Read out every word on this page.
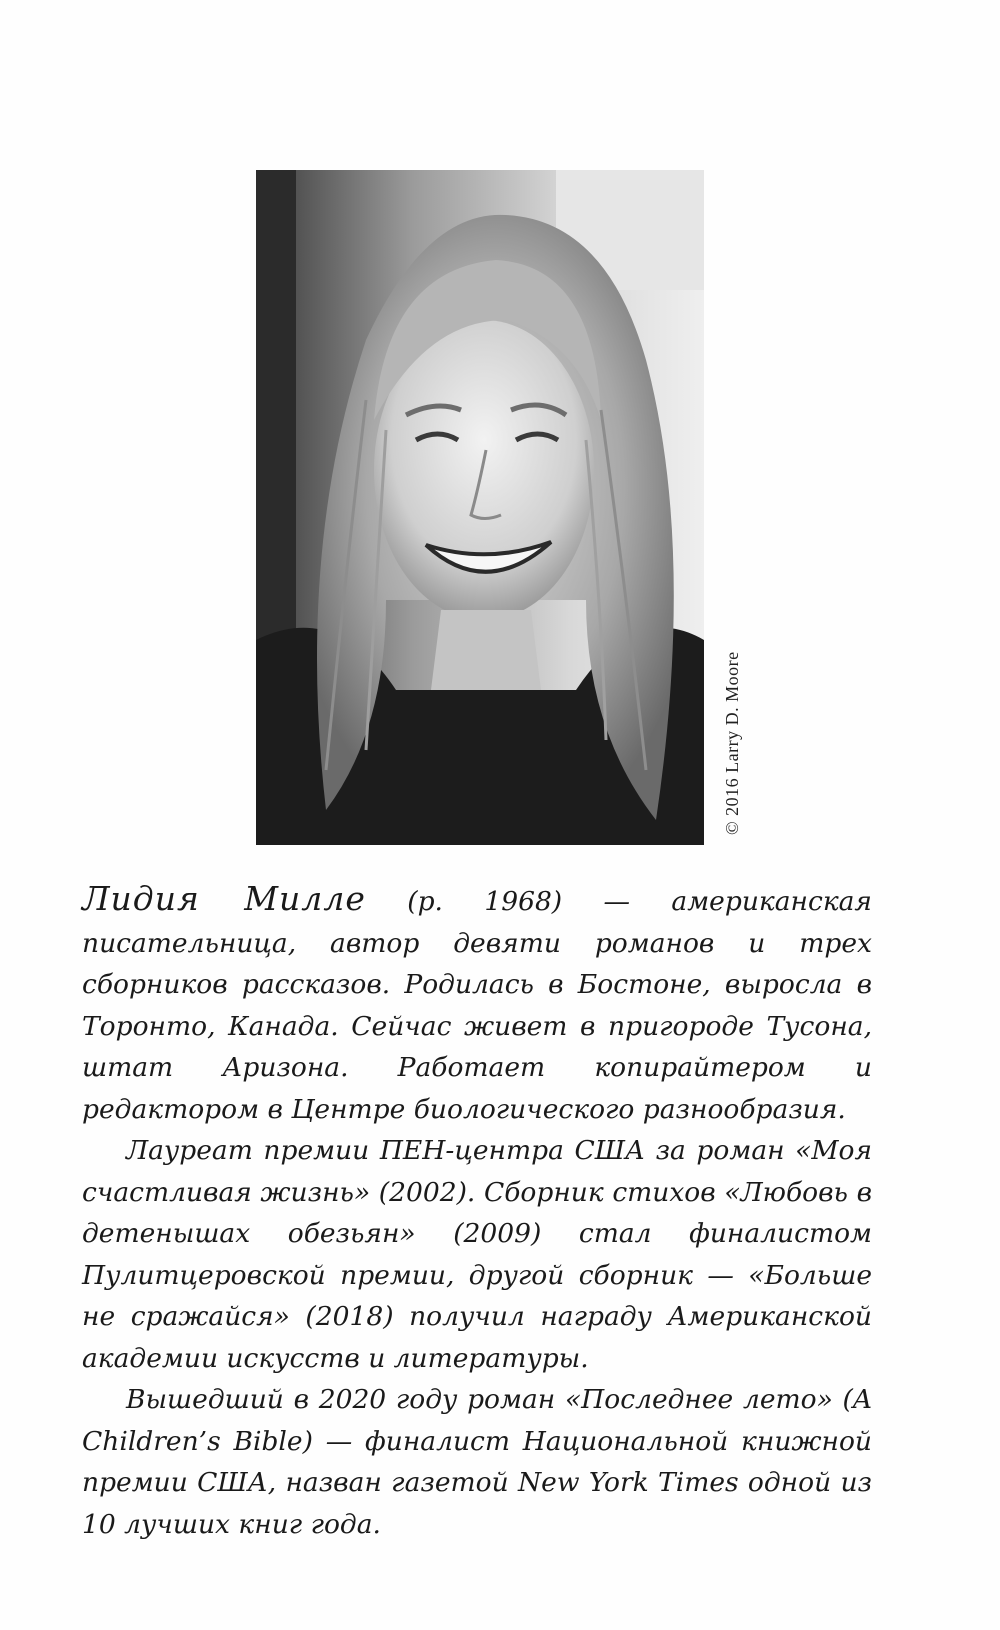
© 2016 Larry D. Moore

Лидия Милле (р. 1968) — американская писательница, автор девяти романов и трех сборников рассказов. Родилась в Бостоне, выросла в Торонто, Канада. Сейчас живет в пригороде Тусона, штат Аризона. Работает копирайтером и редактором в Центре биологического разнообразия.

Лауреат премии ПЕН-центра США за роман «Моя счастливая жизнь» (2002). Сборник стихов «Любовь в детенышах обезьян» (2009) стал финалистом Пулитцеровской премии, другой сборник — «Больше не сражайся» (2018) получил награду Американской академии искусств и литературы.

Вышедший в 2020 году роман «Последнее лето» (A Children’s Bible) — финалист Национальной книжной премии США, назван газетой New York Times одной из 10 лучших книг года.
